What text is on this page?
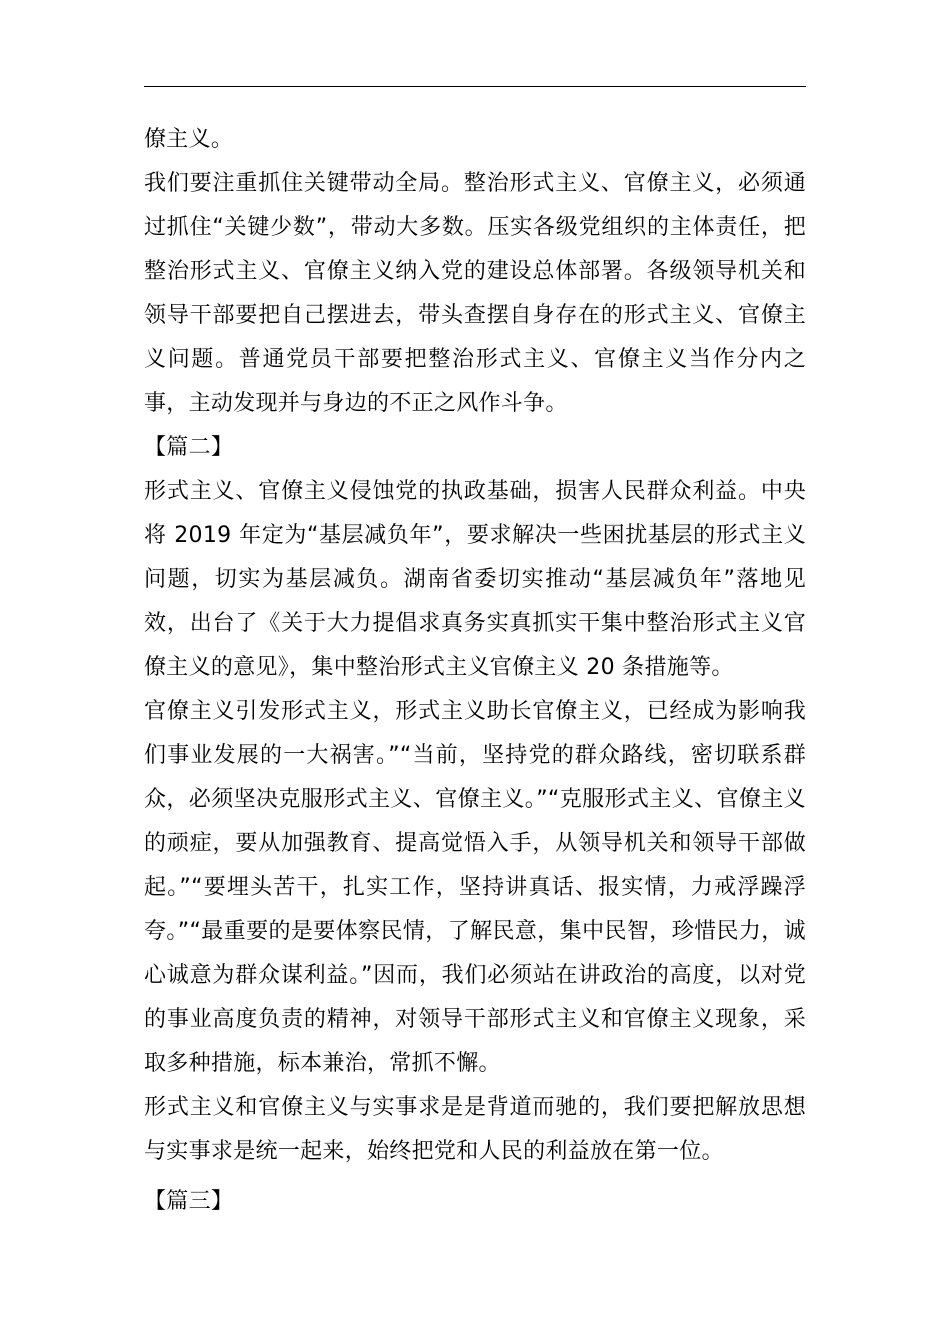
僚主义。

我们要注重抓住关键带动全局。整治形式主义、官僚主义，必须通过抓住“关键少数”，带动大多数。压实各级党组织的主体责任，把整治形式主义、官僚主义纳入党的建设总体部署。各级领导机关和领导干部要把自己摆进去，带头查摆自身存在的形式主义、官僚主义问题。普通党员干部要把整治形式主义、官僚主义当作分内之事，主动发现并与身边的不正之风作斗争。

【篇二】

形式主义、官僚主义侵蚀党的执政基础，损害人民群众利益。中央将 2019 年定为“基层减负年”，要求解决一些困扰基层的形式主义问题，切实为基层减负。湖南省委切实推动“基层减负年”落地见效，出台了《关于大力提倡求真务实真抓实干集中整治形式主义官僚主义的意见》，集中整治形式主义官僚主义 20 条措施等。

官僚主义引发形式主义，形式主义助长官僚主义，已经成为影响我们事业发展的一大祸害。”“当前，坚持党的群众路线，密切联系群众，必须坚决克服形式主义、官僚主义。”“克服形式主义、官僚主义的顽症，要从加强教育、提高觉悟入手，从领导机关和领导干部做起。”“要埋头苦干，扎实工作，坚持讲真话、报实情，力戒浮躁浮夸。”“最重要的是要体察民情，了解民意，集中民智，珍惜民力，诚心诚意为群众谋利益。”因而，我们必须站在讲政治的高度，以对党的事业高度负责的精神，对领导干部形式主义和官僚主义现象，采取多种措施，标本兼治，常抓不懈。

形式主义和官僚主义与实事求是是背道而驰的，我们要把解放思想与实事求是统一起来，始终把党和人民的利益放在第一位。

【篇三】
